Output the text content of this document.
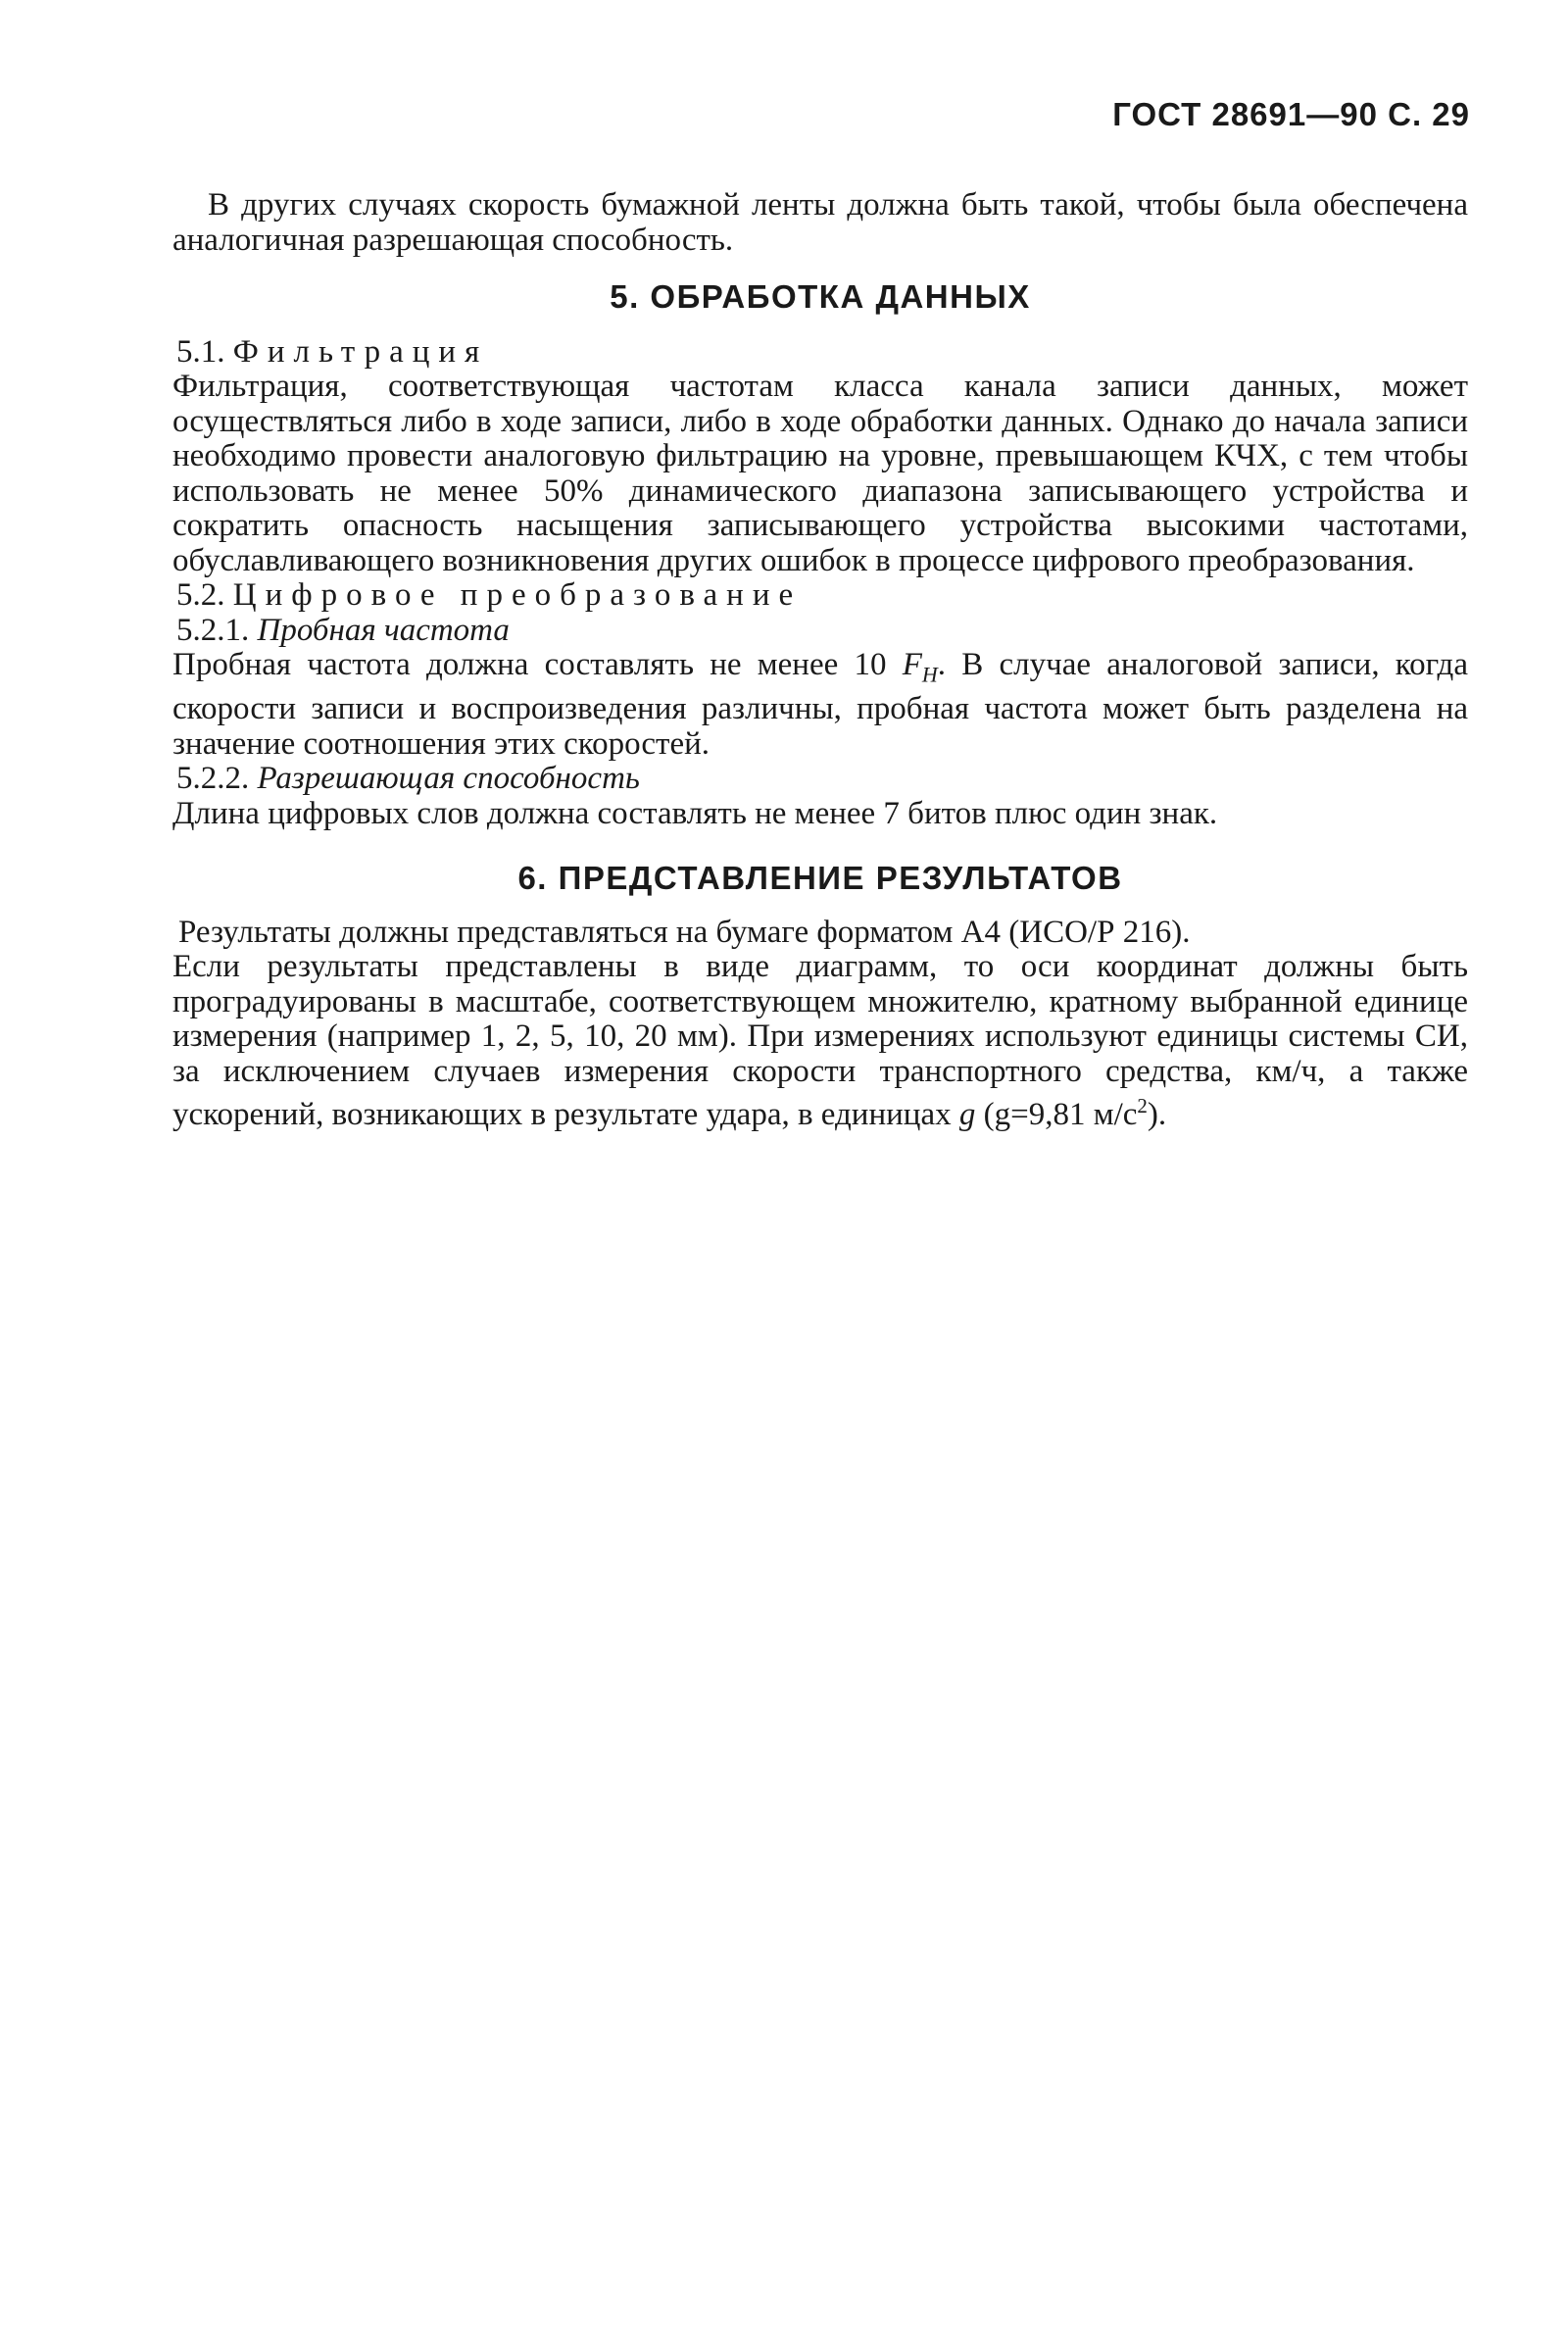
ГОСТ 28691—90 С. 29

В других случаях скорость бумажной ленты должна быть такой, чтобы была обеспечена аналогичная разрешающая способность.

5. ОБРАБОТКА ДАННЫХ

5.1. Фильтрация

Фильтрация, соответствующая частотам класса канала записи данных, может осуществляться либо в ходе записи, либо в ходе обработки данных. Однако до начала записи необходимо провести аналоговую фильтрацию на уровне, превышающем КЧХ, с тем чтобы использовать не менее 50% динамического диапазона записывающего устройства и сократить опасность насыщения записывающего устройства высокими частотами, обуславливающего возникновения других ошибок в процессе цифрового преобразования.

5.2. Цифровое преобразование

5.2.1. Пробная частота

Пробная частота должна составлять не менее 10 $F_H$. В случае аналоговой записи, когда скорости записи и воспроизведения различны, пробная частота может быть разделена на значение соотношения этих скоростей.

5.2.2. Разрешающая способность

Длина цифровых слов должна составлять не менее 7 битов плюс один знак.

6. ПРЕДСТАВЛЕНИЕ РЕЗУЛЬТАТОВ

Результаты должны представляться на бумаге форматом А4 (ИСО/Р 216).

Если результаты представлены в виде диаграмм, то оси координат должны быть проградуированы в масштабе, соответствующем множителю, кратному выбранной единице измерения (например 1, 2, 5, 10, 20 мм). При измерениях используют единицы системы СИ, за исключением случаев измерения скорости транспортного средства, км/ч, а также ускорений, возникающих в результате удара, в единицах g (g=9,81 $м/с^2$).
